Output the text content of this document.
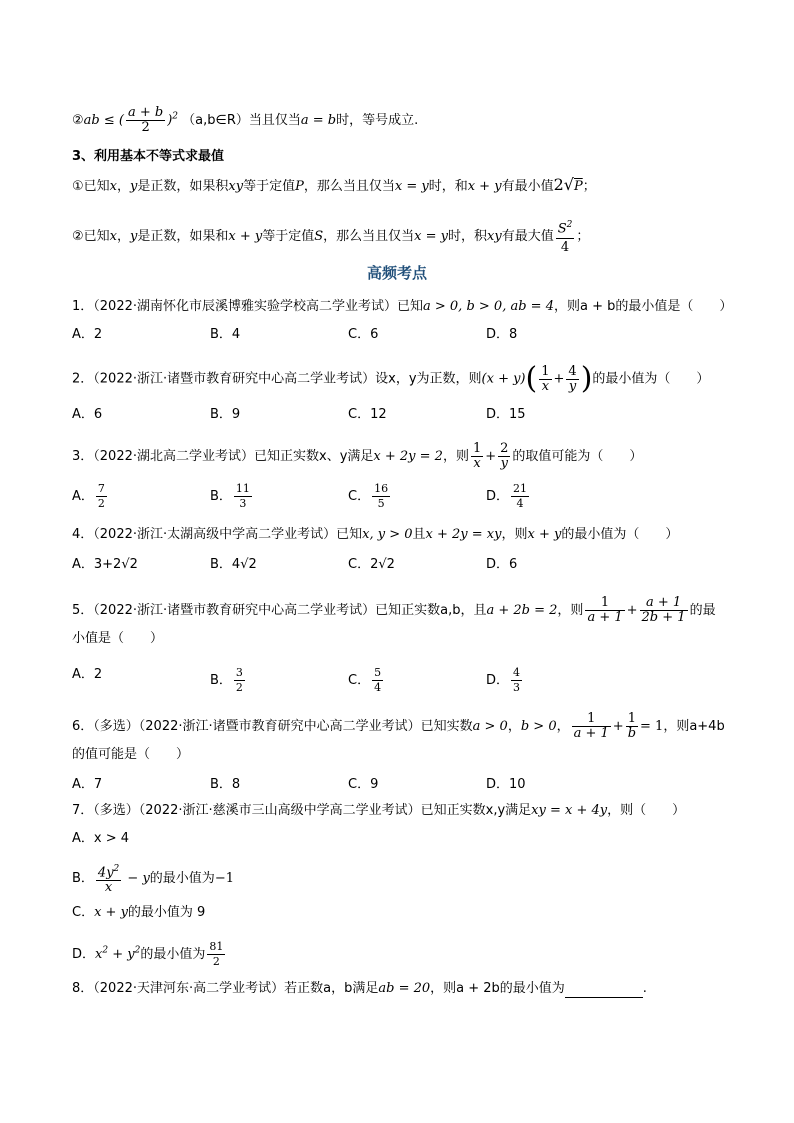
②ab ≤ ( $\frac{a + b}{2} )^2$ （a,b∈R）当且仅当a = b时，等号成立.
3、利用基本不等式求最值
①已知x，y是正数，如果积xy等于定值P，那么当且仅当x = y时，和x + y有最小值2√P；
②已知x，y是正数，如果和x + y等于定值S，那么当且仅当x = y时，积xy有最大值 $\frac{S^2}{4}$ ；
高频考点
1．（2022·湖南怀化市辰溪博雅实验学校高二学业考试）已知a > 0, b > 0, ab = 4，则a + b的最小值是（　　）
A．2	B．4	C．6	D．8
2．（2022·浙江·诸暨市教育研究中心高二学业考试）设x，y为正数，则$(x + y)( \frac{1}{x} + \frac{4}{y}$ )的最小值为（　　）
A．6	B．9	C．12	D．15
3．（2022·湖北高二学业考试）已知正实数x、y满足x + 2y = 2，则 $\frac{1}{x} + \frac{2}{y}$ 的取值可能为（　　）
A． $\frac{7}{2}$	B． $\frac{11}{3}$	C． $\frac{16}{5}$	D． $\frac{21}{4}$
4．（2022·浙江·太湖高级中学高二学业考试）已知x, y > 0且x + 2y = xy，则x + y的最小值为（　　）
A．3+2√2	B．4√2	C．2√2	D．6
5．（2022·浙江·诸暨市教育研究中心高二学业考试）已知正实数a,b，且a + 2b = 2，则 $\frac{1}{a + 1} + \frac{a + 1}{2b + 1}$ 的最
小值是（　　）
A．2	B． $\frac{3}{2}$	C． $\frac{5}{4}$	D． $\frac{4}{3}$
6．（多选）（2022·浙江·诸暨市教育研究中心高二学业考试）已知实数a > 0，b > 0， $\frac{1}{a + 1} + \frac{1}{b} = 1$，则a+4b
的值可能是（　　）
A．7	B．8	C．9	D．10
7．（多选）（2022·浙江·慈溪市三山高级中学高二学业考试）已知正实数x,y满足xy = x + 4y，则（　　）
A．x > 4
B． $\frac{4y^2}{x} - y$的最小值为−1
C．x + y的最小值为 9
D．$x^2 + y^2$的最小值为 $\frac{81}{2}$
8．（2022·天津河东·高二学业考试）若正数a，b满足ab = 20，则a + 2b的最小值为	.
